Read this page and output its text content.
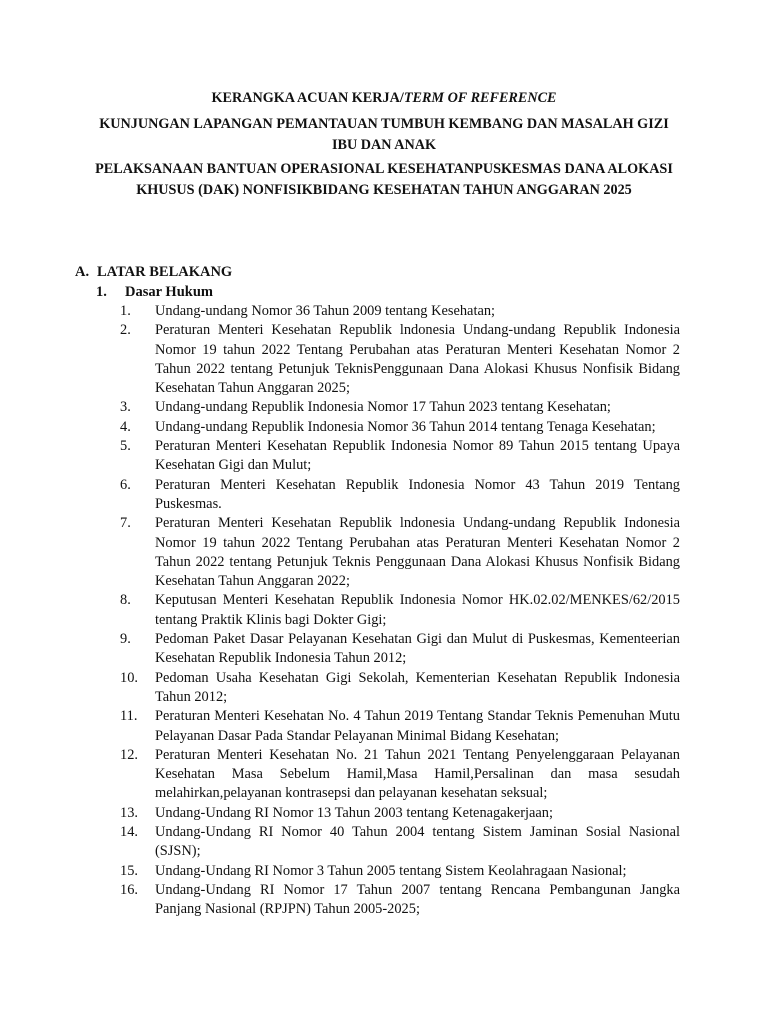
KERANGKA ACUAN KERJA/TERM OF REFERENCE
KUNJUNGAN LAPANGAN PEMANTAUAN TUMBUH KEMBANG DAN MASALAH GIZI IBU DAN ANAK
PELAKSANAAN BANTUAN OPERASIONAL KESEHATANPUSKESMAS DANA ALOKASI KHUSUS (DAK) NONFISIKBIDANG KESEHATAN TAHUN ANGGARAN 2025
A. LATAR BELAKANG
1. Dasar Hukum
1.	Undang-undang Nomor 36 Tahun 2009 tentang Kesehatan;
2.	Peraturan Menteri Kesehatan Republik lndonesia Undang-undang Republik Indonesia Nomor 19 tahun 2022 Tentang Perubahan atas Peraturan Menteri Kesehatan Nomor 2 Tahun 2022 tentang Petunjuk TeknisPenggunaan Dana Alokasi Khusus Nonfisik Bidang Kesehatan Tahun Anggaran 2025;
3.	Undang-undang Republik Indonesia Nomor 17 Tahun 2023 tentang Kesehatan;
4.	Undang-undang Republik Indonesia Nomor 36 Tahun 2014 tentang Tenaga Kesehatan;
5.	Peraturan Menteri Kesehatan Republik Indonesia Nomor 89 Tahun 2015 tentang Upaya Kesehatan Gigi dan Mulut;
6.	Peraturan Menteri Kesehatan Republik Indonesia Nomor 43 Tahun 2019 Tentang Puskesmas.
7.	Peraturan Menteri Kesehatan Republik lndonesia Undang-undang Republik Indonesia Nomor 19 tahun 2022 Tentang Perubahan atas Peraturan Menteri Kesehatan Nomor 2 Tahun 2022 tentang Petunjuk Teknis Penggunaan Dana Alokasi Khusus Nonfisik Bidang Kesehatan Tahun Anggaran 2022;
8.	Keputusan Menteri Kesehatan Republik Indonesia Nomor HK.02.02/MENKES/62/2015 tentang Praktik Klinis bagi Dokter Gigi;
9.	Pedoman Paket Dasar Pelayanan Kesehatan Gigi dan Mulut di Puskesmas, Kementeerian Kesehatan Republik Indonesia Tahun 2012;
10.	Pedoman Usaha Kesehatan Gigi Sekolah, Kementerian Kesehatan Republik Indonesia Tahun 2012;
11.	Peraturan Menteri Kesehatan No. 4 Tahun 2019 Tentang Standar Teknis Pemenuhan Mutu Pelayanan Dasar Pada Standar Pelayanan Minimal Bidang Kesehatan;
12.	Peraturan Menteri Kesehatan No. 21 Tahun 2021 Tentang Penyelenggaraan Pelayanan Kesehatan Masa Sebelum Hamil,Masa Hamil,Persalinan dan masa sesudah melahirkan,pelayanan kontrasepsi dan pelayanan kesehatan seksual;
13.	Undang-Undang RI Nomor 13 Tahun 2003 tentang Ketenagakerjaan;
14.	Undang-Undang RI Nomor 40 Tahun 2004 tentang Sistem Jaminan Sosial Nasional (SJSN);
15.	Undang-Undang RI Nomor 3 Tahun 2005 tentang Sistem Keolahragaan Nasional;
16.	Undang-Undang RI Nomor 17 Tahun 2007 tentang Rencana Pembangunan Jangka Panjang Nasional (RPJPN) Tahun 2005-2025;
